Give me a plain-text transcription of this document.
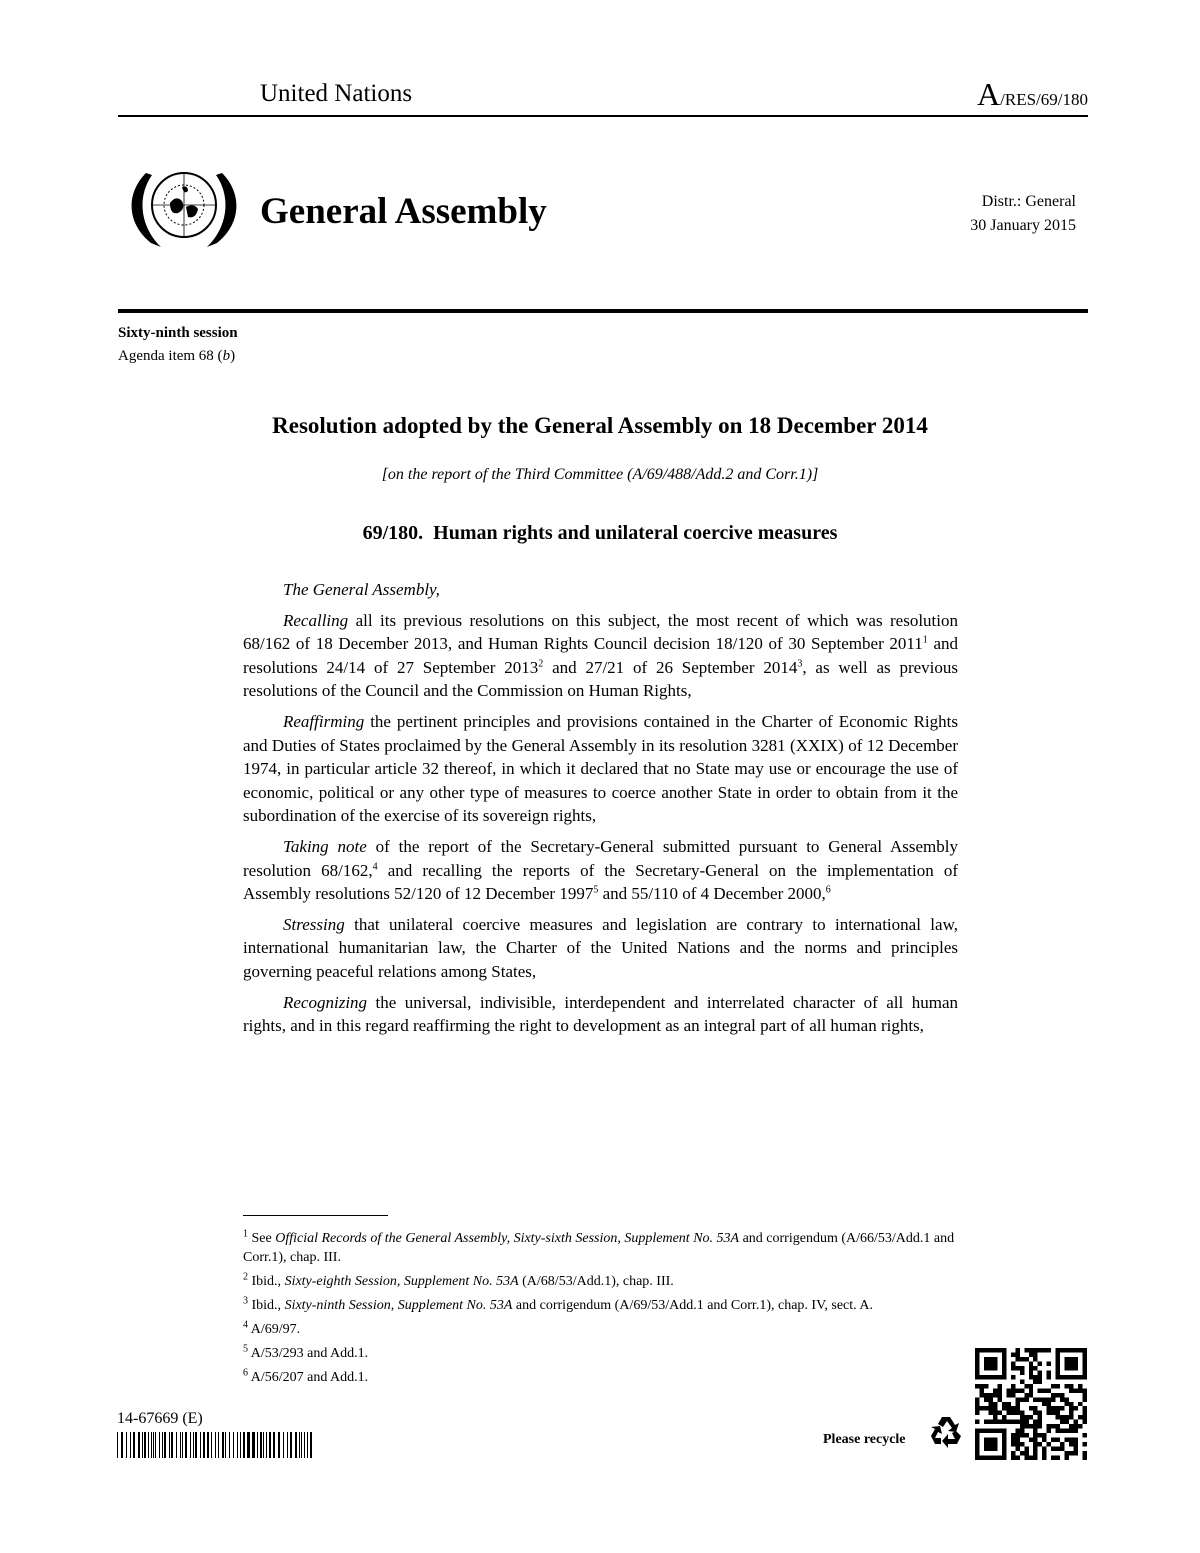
United Nations	A/RES/69/180
General Assembly	Distr.: General
30 January 2015
Sixty-ninth session
Agenda item 68 (b)
Resolution adopted by the General Assembly on 18 December 2014
[on the report of the Third Committee (A/69/488/Add.2 and Corr.1)]
69/180.  Human rights and unilateral coercive measures

The General Assembly,

Recalling all its previous resolutions on this subject, the most recent of which was resolution 68/162 of 18 December 2013, and Human Rights Council decision 18/120 of 30 September 2011$^1$ and resolutions 24/14 of 27 September 2013$^2$ and 27/21 of 26 September 2014$^3$, as well as previous resolutions of the Council and the Commission on Human Rights,

Reaffirming the pertinent principles and provisions contained in the Charter of Economic Rights and Duties of States proclaimed by the General Assembly in its resolution 3281 (XXIX) of 12 December 1974, in particular article 32 thereof, in which it declared that no State may use or encourage the use of economic, political or any other type of measures to coerce another State in order to obtain from it the subordination of the exercise of its sovereign rights,

Taking note of the report of the Secretary-General submitted pursuant to General Assembly resolution 68/162,$^4$ and recalling the reports of the Secretary-General on the implementation of Assembly resolutions 52/120 of 12 December 1997$^5$ and 55/110 of 4 December 2000,$^6$

Stressing that unilateral coercive measures and legislation are contrary to international law, international humanitarian law, the Charter of the United Nations and the norms and principles governing peaceful relations among States,

Recognizing the universal, indivisible, interdependent and interrelated character of all human rights, and in this regard reaffirming the right to development as an integral part of all human rights,

$^1$ See Official Records of the General Assembly, Sixty-sixth Session, Supplement No. 53A and corrigendum (A/66/53/Add.1 and Corr.1), chap. III.

$^2$ Ibid., Sixty-eighth Session, Supplement No. 53A (A/68/53/Add.1), chap. III.

$^3$ Ibid., Sixty-ninth Session, Supplement No. 53A and corrigendum (A/69/53/Add.1 and Corr.1), chap. IV, sect. A.

$^4$ A/69/97.

$^5$ A/53/293 and Add.1.

$^6$ A/56/207 and Add.1.

14-67669 (E)
Please recycle
